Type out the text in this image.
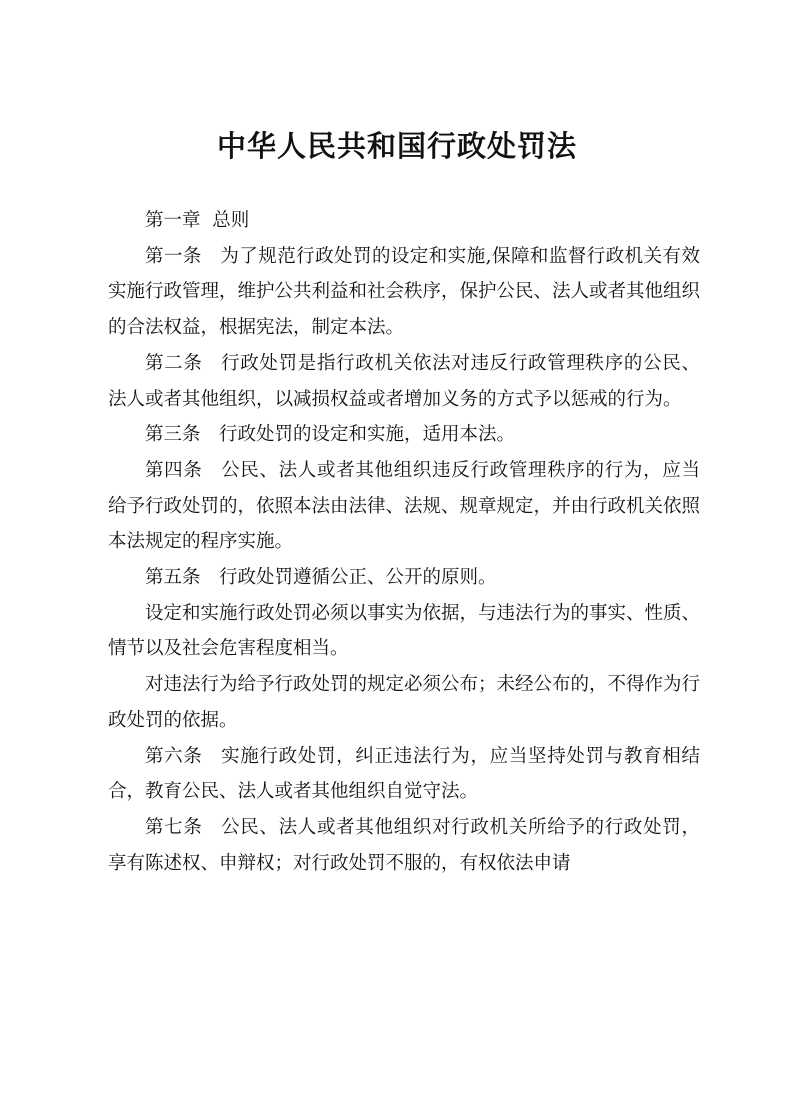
中华人民共和国行政处罚法

第一章  总则

第一条 为了规范行政处罚的设定和实施,保障和监督行政机关有效实施行政管理，维护公共利益和社会秩序，保护公民、法人或者其他组织的合法权益，根据宪法，制定本法。

第二条 行政处罚是指行政机关依法对违反行政管理秩序的公民、法人或者其他组织，以减损权益或者增加义务的方式予以惩戒的行为。

第三条 行政处罚的设定和实施，适用本法。

第四条 公民、法人或者其他组织违反行政管理秩序的行为，应当给予行政处罚的，依照本法由法律、法规、规章规定，并由行政机关依照本法规定的程序实施。

第五条 行政处罚遵循公正、公开的原则。

设定和实施行政处罚必须以事实为依据，与违法行为的事实、性质、情节以及社会危害程度相当。

对违法行为给予行政处罚的规定必须公布；未经公布的，不得作为行政处罚的依据。

第六条 实施行政处罚，纠正违法行为，应当坚持处罚与教育相结合，教育公民、法人或者其他组织自觉守法。

第七条 公民、法人或者其他组织对行政机关所给予的行政处罚，享有陈述权、申辩权；对行政处罚不服的，有权依法申请
